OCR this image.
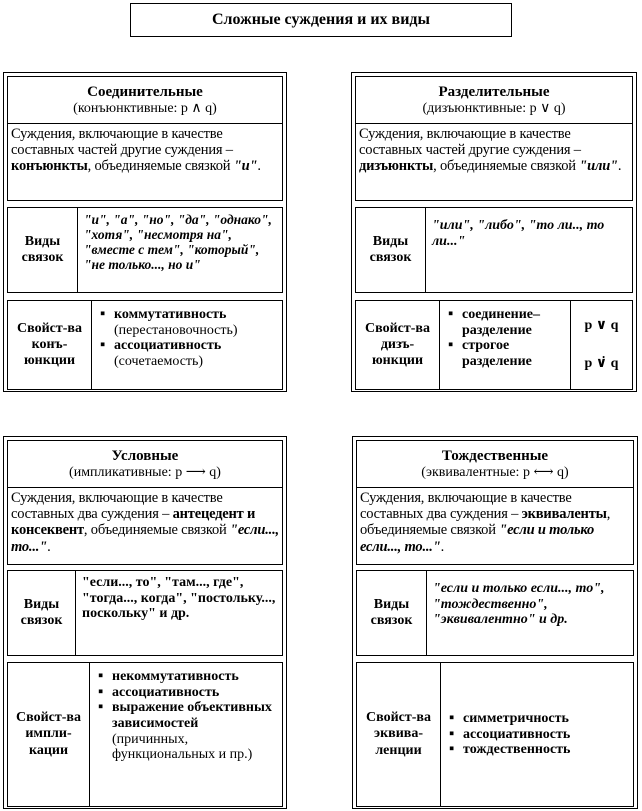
Сложные суждения и их виды
Соединительные
(конъюнктивные: p ∧ q)
Суждения, включающие в качестве составных частей другие суждения – конъюнкты, объединяемые связкой "и".
Виды связок
"и", "а", "но", "да", "однако", "хотя", "несмотря на", "вместе с тем", "который", "не только..., но и"
Свойст-ва конъ-юнкции
▪ коммутативность
(перестановочность)
▪ ассоциативность
(сочетаемость)
Разделительные
(дизъюнктивные: p ∨ q)
Суждения, включающие в качестве составных частей другие суждения – дизъюнкты, объединяемые связкой "или".
Виды связок
"или", "либо", "то ли.., то ли..."
Свойст-ва дизъ-юнкции
▪ соединение–разделение
▪ строгое разделение
p ∨ q
p ∨̇ q
Условные
(импликативные: p ⟶ q)
Суждения, включающие в качестве составных два суждения – антецедент и консеквент, объединяемые связкой "если..., то...".
Виды связок
"если..., то", "там..., где", "тогда..., когда", "постольку..., поскольку" и др.
Свойст-ва импли-кации
▪ некоммутативность
▪ ассоциативность
▪ выражение объективных зависимостей (причинных, функциональных и пр.)
Тождественные
(эквивалентные: p ⟷ q)
Суждения, включающие в качестве составных два суждения – эквиваленты, объединяемые связкой "если и только если..., то...".
Виды связок
"если и только если..., то", "тождественно", "эквивалентно" и др.
Свойст-ва эквива-ленции
▪ симметричность
▪ ассоциативность
▪ тождественность
